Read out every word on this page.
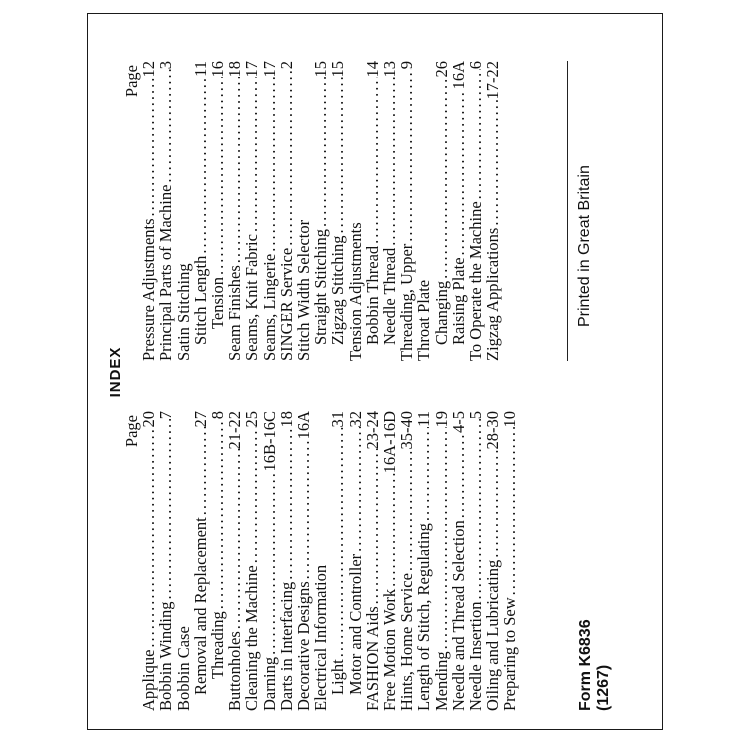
INDEX
Page
Applique
.....
20
Bobbin Winding
.....
7
Bobbin Case
Removal and Replacement
.....
27
Threading
.....
8
Buttonholes
.....
21-22
Cleaning the Machine
.....
25
Darning
.....
16B-16C
Darts in Interfacing
.....
18
Decorative Designs
.....
16A
Electrical Information
Light
.....
31
Motor and Controller
.....
32
FASHION Aids
.....
23-24
Free Motion Work
.....
16A-16D
Hints, Home Service
.....
35-40
Length of Stitch, Regulating
.....
11
Mending
.....
19
Needle and Thread Selection
.....
4-5
Needle Insertion
.....
5
Oiling and Lubricating
.....
28-30
Preparing to Sew
.....
10
Page
Pressure Adjustments
.....
12
Principal Parts of Machine
.....
3
Satin Stitching
Stitch Length
.....
11
Tension
.....
16
Seam Finishes
.....
18
Seams, Knit Fabric
.....
17
Seams, Lingerie
.....
17
SINGER Service
.....
2
Stitch Width Selector
Straight Stitching
.....
15
Zigzag Stitching
.....
15
Tension Adjustments
Bobbin Thread
.....
14
Needle Thread
.....
13
Threading, Upper
.....
9
Throat Plate
Changing
.....
26
Raising Plate
.....
16A
To Operate the Machine
.....
6
Zigzag Applications
.....
17-22
Form K6836 (1267)
Printed in Great Britain
